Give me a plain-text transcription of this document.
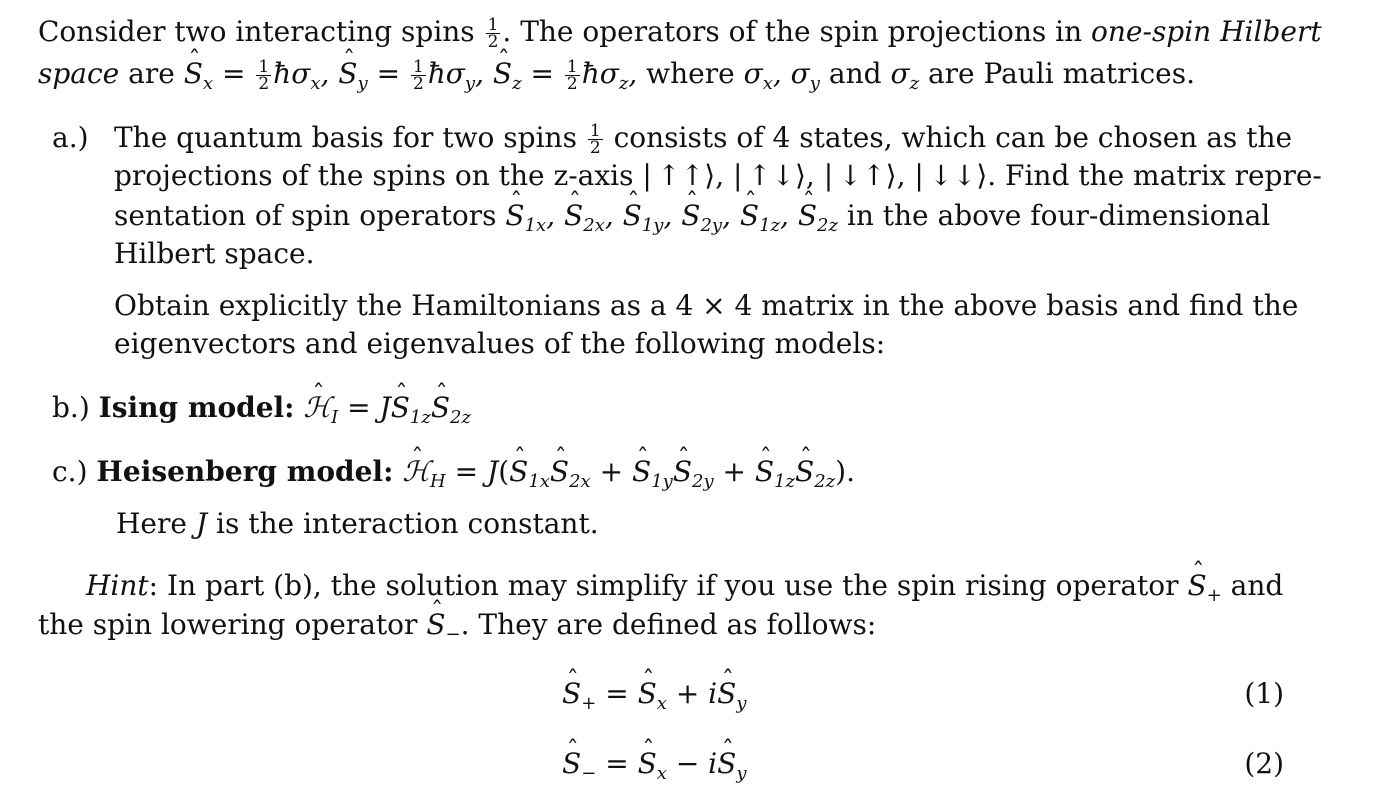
Consider two interacting spins $\frac{1}{2}$ . The operators of the spin projections in one-spin Hilbert
space are ˆ $S_x = \frac{1}{2}$ $ħ\sigma_x$, ˆ $S_y = \frac{1}{2}$ $ħ\sigma_y$, ˆ $S_z = \frac{1}{2}$ $ħ\sigma_z$, where $\sigma_x$, $\sigma_y$ and $\sigma_z$ are Pauli matrices.
a.) The quantum basis for two spins $\frac{1}{2}$ consists of 4 states, which can be chosen as the
projections of the spins on the z-axis | ↑↑⟩, | ↑↓⟩, | ↓↑⟩, | ↓↓⟩. Find the matrix repre-
sentation of spin operators ˆ $S_{1x}$, ˆ $S_{2x}$, ˆ $S_{1y}$, ˆ $S_{2y}$, ˆ $S_{1z}$, ˆ $S_{2z}$ in the above four-dimensional
Hilbert space.
Obtain explicitly the Hamiltonians as a 4 × 4 matrix in the above basis and find the
eigenvectors and eigenvalues of the following models:
b.) Ising model: ˆ ℋ$_I$ = Jˆ $S_{1z}ˆ$ $S_{2z}$
c.) Heisenberg model: ˆ ℋ$_H$ = J(ˆ $S_{1x}ˆ$ $S_{2x}$ + ˆ $S_{1y}ˆ$ $S_{2y}$ + ˆ $S_{1z}ˆ$ $S_{2z}$).
Here J is the interaction constant.
Hint: In part (b), the solution may simplify if you use the spin rising operator ˆ $S_+$ and
the spin lowering operator ˆ $S_-$. They are defined as follows:
ˆ $S_+$ = ˆ $S_x$ + iˆ $S_y$	(1)
ˆ $S_-$ = ˆ $S_x$ − iˆ $S_y$	(2)
